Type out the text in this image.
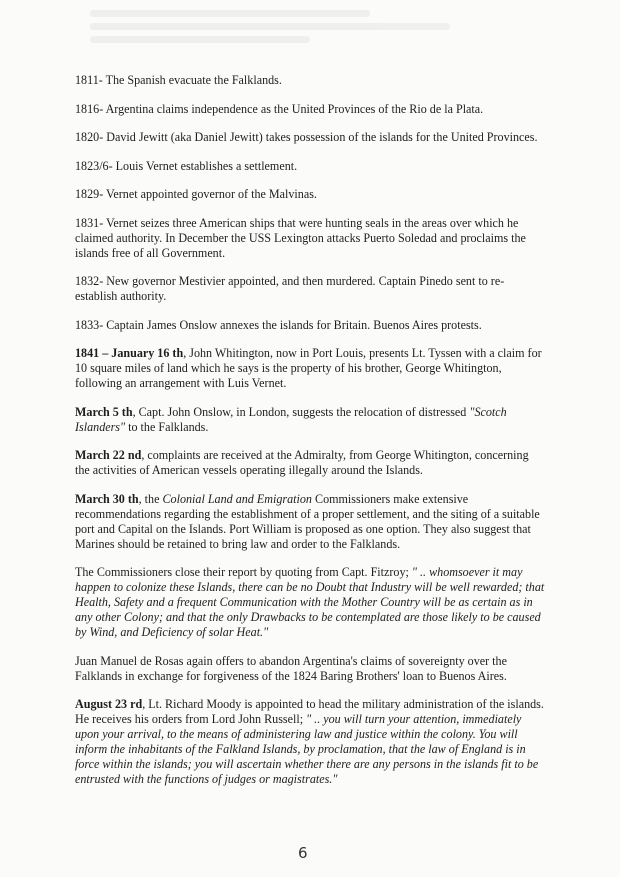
1811- The Spanish evacuate the Falklands.

1816- Argentina claims independence as the United Provinces of the Rio de la Plata.

1820- David Jewitt (aka Daniel Jewitt) takes possession of the islands for the United Provinces.

1823/6- Louis Vernet establishes a settlement.

1829- Vernet appointed governor of the Malvinas.

1831- Vernet seizes three American ships that were hunting seals in the areas over which he claimed authority. In December the USS Lexington attacks Puerto Soledad and proclaims the islands free of all Government.

1832- New governor Mestivier appointed, and then murdered. Captain Pinedo sent to re-establish authority.

1833- Captain James Onslow annexes the islands for Britain. Buenos Aires protests.

1841 – January 16 th, John Whitington, now in Port Louis, presents Lt. Tyssen with a claim for 10 square miles of land which he says is the property of his brother, George Whitington, following an arrangement with Luis Vernet.

March 5 th, Capt. John Onslow, in London, suggests the relocation of distressed "Scotch Islanders" to the Falklands.

March 22 nd, complaints are received at the Admiralty, from George Whitington, concerning the activities of American vessels operating illegally around the Islands.

March 30 th, the Colonial Land and Emigration Commissioners make extensive recommendations regarding the establishment of a proper settlement, and the siting of a suitable port and Capital on the Islands. Port William is proposed as one option. They also suggest that Marines should be retained to bring law and order to the Falklands.

The Commissioners close their report by quoting from Capt. Fitzroy; " .. whomsoever it may happen to colonize these Islands, there can be no Doubt that Industry will be well rewarded; that Health, Safety and a frequent Communication with the Mother Country will be as certain as in any other Colony; and that the only Drawbacks to be contemplated are those likely to be caused by Wind, and Deficiency of solar Heat."

Juan Manuel de Rosas again offers to abandon Argentina's claims of sovereignty over the Falklands in exchange for forgiveness of the 1824 Baring Brothers' loan to Buenos Aires.

August 23 rd, Lt. Richard Moody is appointed to head the military administration of the islands. He receives his orders from Lord John Russell; " .. you will turn your attention, immediately upon your arrival, to the means of administering law and justice within the colony. You will inform the inhabitants of the Falkland Islands, by proclamation, that the law of England is in force within the islands; you will ascertain whether there are any persons in the islands fit to be entrusted with the functions of judges or magistrates."

6
